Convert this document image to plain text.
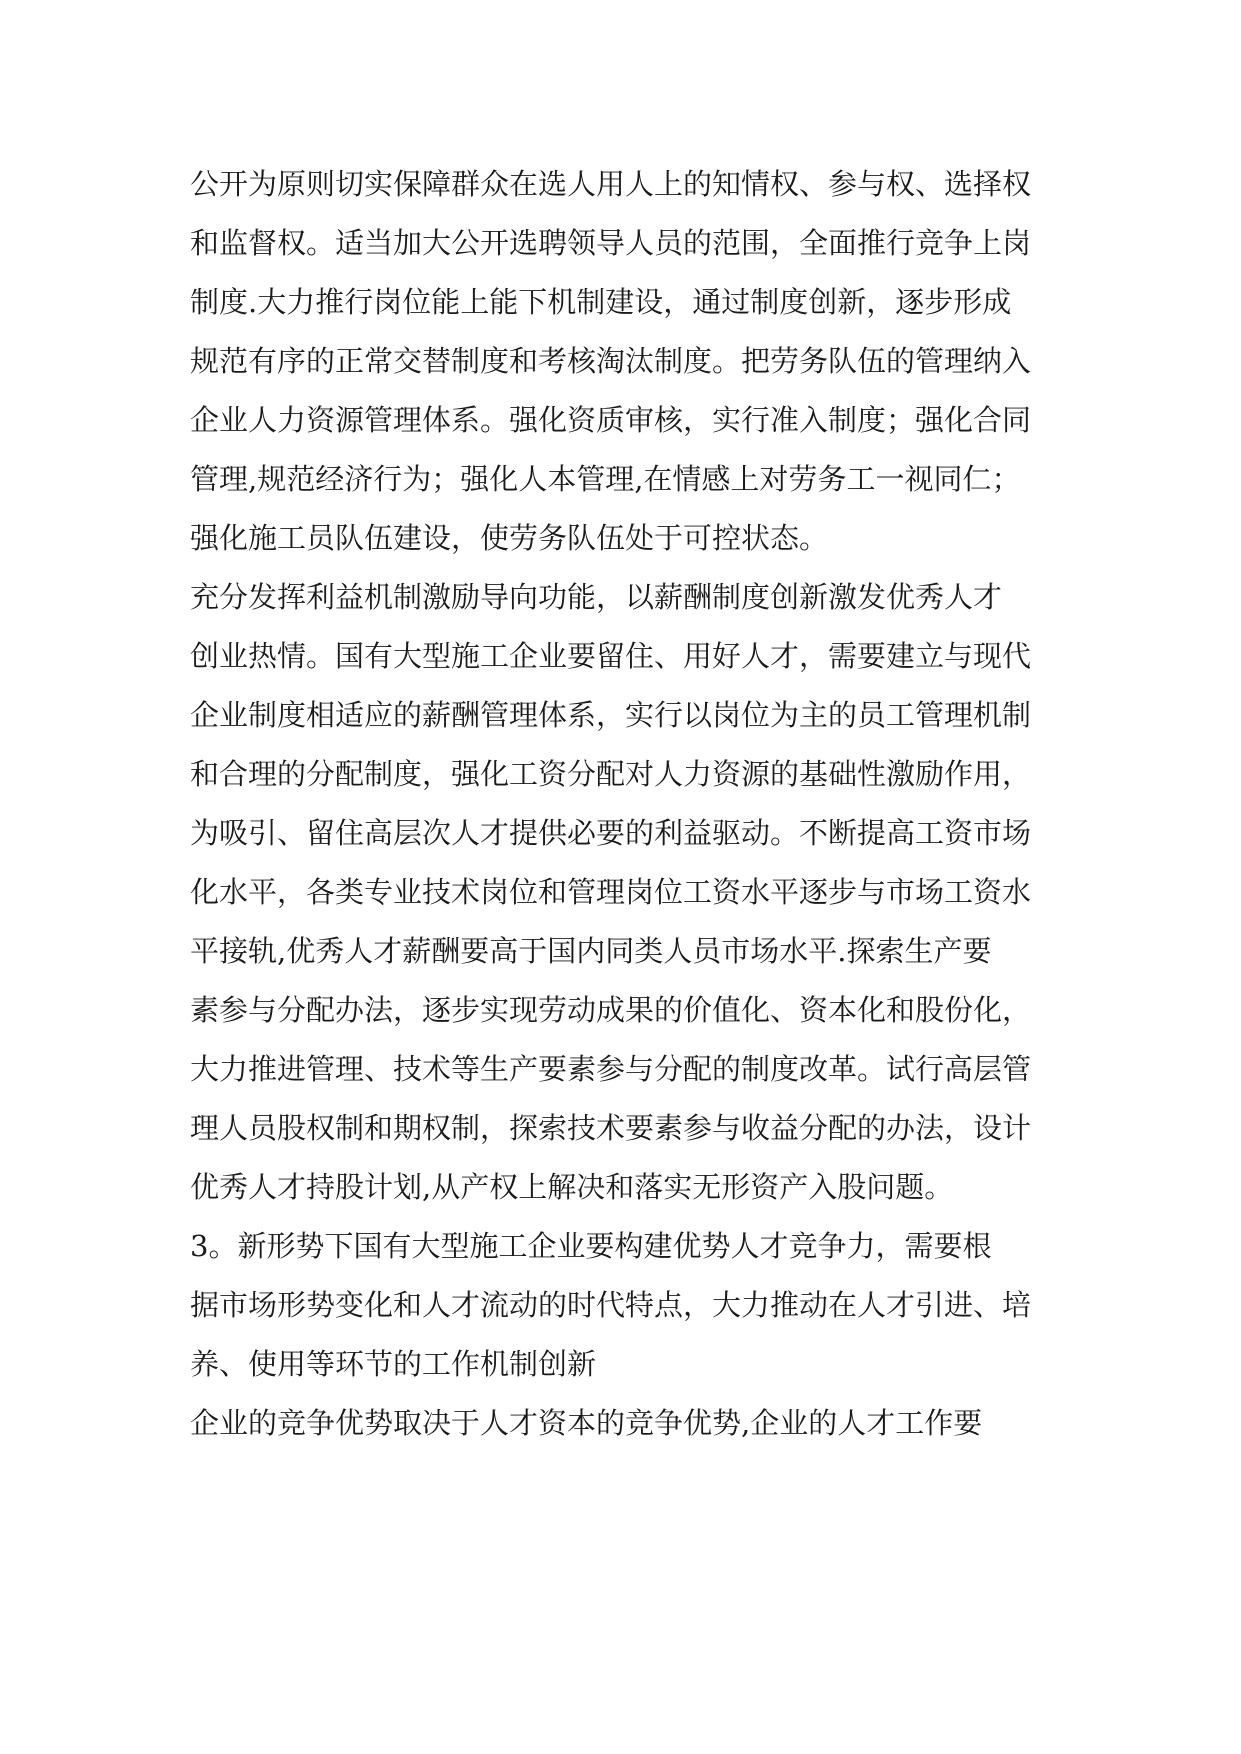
公开为原则切实保障群众在选人用人上的知情权、参与权、选择权
和监督权。适当加大公开选聘领导人员的范围，全面推行竞争上岗
制度.大力推行岗位能上能下机制建设，通过制度创新，逐步形成
规范有序的正常交替制度和考核淘汰制度。把劳务队伍的管理纳入
企业人力资源管理体系。强化资质审核，实行准入制度；强化合同
管理,规范经济行为；强化人本管理,在情感上对劳务工一视同仁；
强化施工员队伍建设，使劳务队伍处于可控状态。

充分发挥利益机制激励导向功能，以薪酬制度创新激发优秀人才
创业热情。国有大型施工企业要留住、用好人才，需要建立与现代
企业制度相适应的薪酬管理体系，实行以岗位为主的员工管理机制
和合理的分配制度，强化工资分配对人力资源的基础性激励作用，
为吸引、留住高层次人才提供必要的利益驱动。不断提高工资市场
化水平，各类专业技术岗位和管理岗位工资水平逐步与市场工资水
平接轨,优秀人才薪酬要高于国内同类人员市场水平.探索生产要
素参与分配办法，逐步实现劳动成果的价值化、资本化和股份化，
大力推进管理、技术等生产要素参与分配的制度改革。试行高层管
理人员股权制和期权制，探索技术要素参与收益分配的办法，设计
优秀人才持股计划,从产权上解决和落实无形资产入股问题。

3。新形势下国有大型施工企业要构建优势人才竞争力，需要根
据市场形势变化和人才流动的时代特点，大力推动在人才引进、培
养、使用等环节的工作机制创新

企业的竞争优势取决于人才资本的竞争优势,企业的人才工作要
